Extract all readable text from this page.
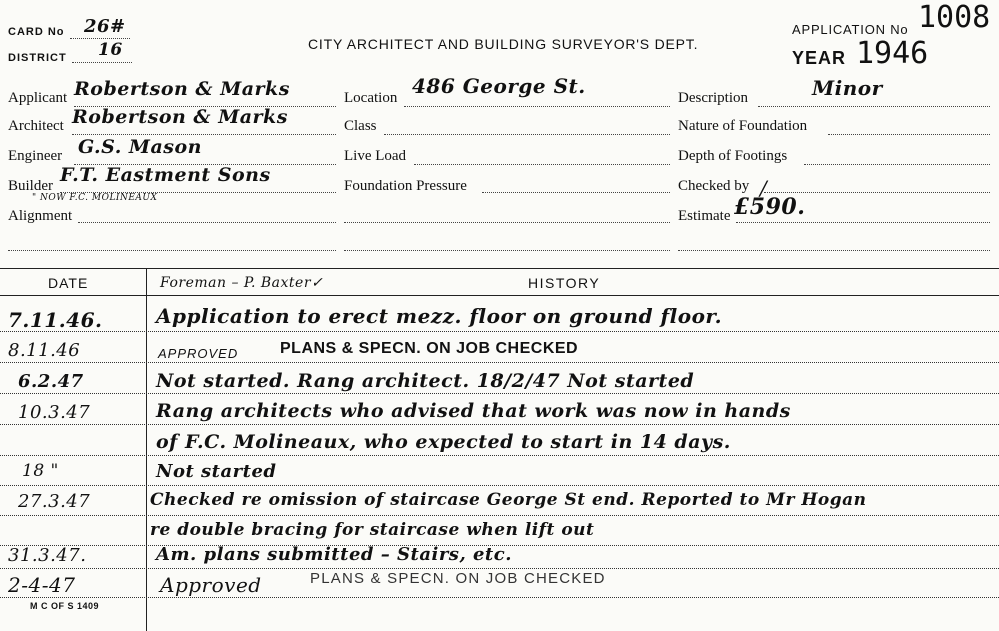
CARD No 26#
DISTRICT 16	CITY ARCHITECT AND BUILDING SURVEYOR'S DEPT.
APPLICATION No 1008
YEAR 1946
Applicant Robertson & Marks
Architect Robertson & Marks
Engineer G.S. Mason
Builder F.T. Eastment Sons
" NOW F.C. MOLINEAUX
Alignment
Location 486 George St.
Class
Live Load
Foundation Pressure
Description	Minor
Nature of Foundation
Depth of Footings
Checked by /
Estimate £590.
DATE	Foreman – P. Baxter✓	HISTORY
7.11.46.	Application to erect mezz. floor on ground floor.
8.11.46	APPROVED	PLANS & SPECN. ON JOB CHECKED
6.2.47	Not started. Rang architect. 18/2/47 Not started
10.3.47	Rang architects who advised that work was now in hands
of F.C. Molineaux, who expected to start in 14 days.
18 "	Not started
27.3.47	Checked re omission of staircase George St end. Reported to Mr Hogan
re double bracing for staircase when lift out
31.3.47.	Am. plans submitted – Stairs, etc.
2-4-47	Approved	PLANS & SPECN. ON JOB CHECKED
M C OF S 1409
